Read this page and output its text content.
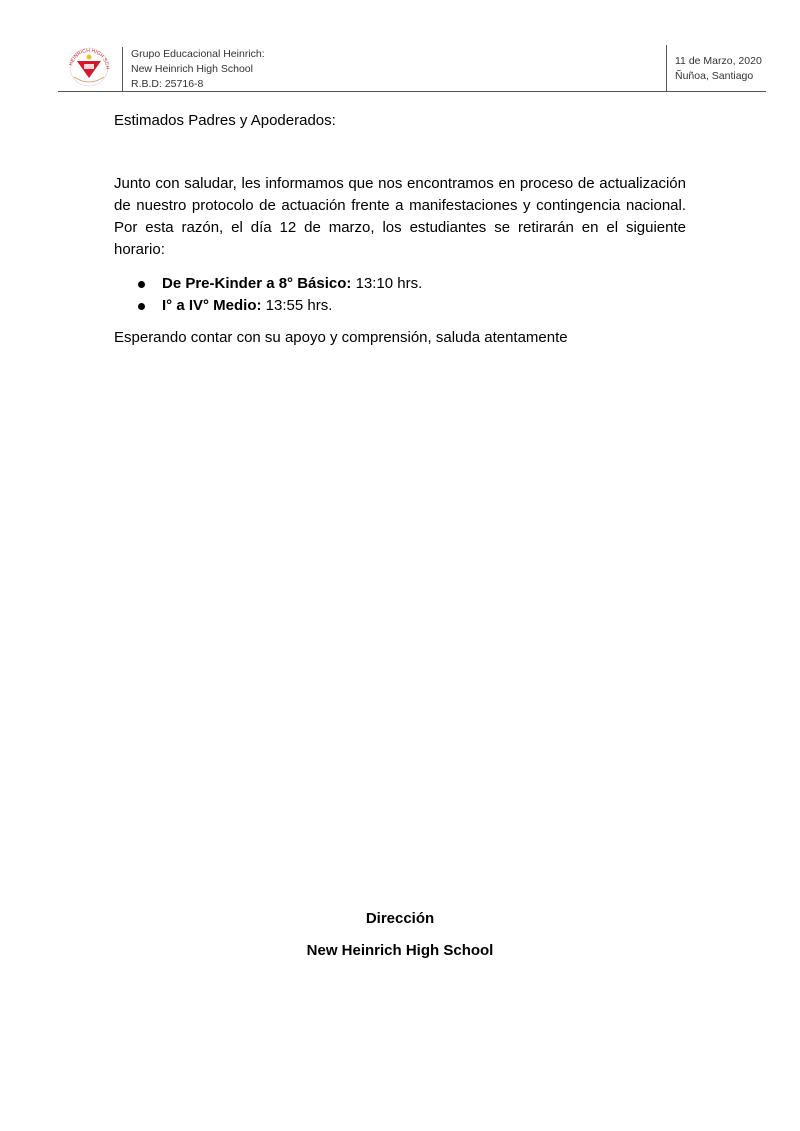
HEINRICH HIGH SCH
Grupo Educacional Heinrich:
New Heinrich High School
R.B.D: 25716-8
11 de Marzo, 2020
Ñuñoa, Santiago

Estimados Padres y Apoderados:

Junto con saludar, les informamos que nos encontramos en proceso de actualización de nuestro protocolo de actuación frente a manifestaciones y contingencia nacional. Por esta razón, el día 12 de marzo, los estudiantes se retirarán en el siguiente horario:

De Pre-Kinder a 8° Básico: 13:10 hrs.
I° a IV° Medio: 13:55 hrs.

Esperando contar con su apoyo y comprensión, saluda atentamente

Dirección
New Heinrich High School
